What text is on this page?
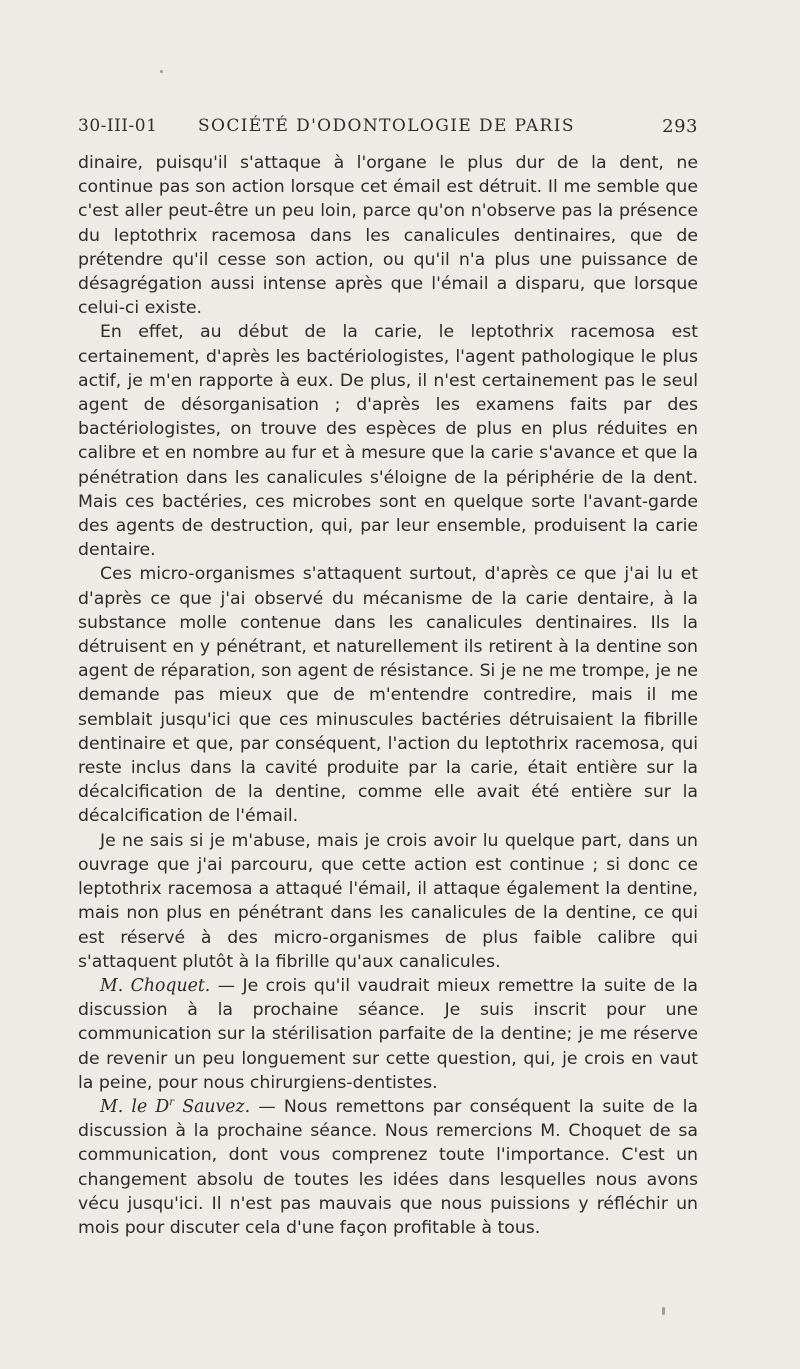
30-III-01 SOCIÉTÉ D'ODONTOLOGIE DE PARIS	293

dinaire, puisqu'il s'attaque à l'organe le plus dur de la dent, ne continue pas son action lorsque cet émail est détruit. Il me semble que c'est aller peut-être un peu loin, parce qu'on n'observe pas la présence du leptothrix racemosa dans les canalicules dentinaires, que de prétendre qu'il cesse son action, ou qu'il n'a plus une puissance de désagrégation aussi intense après que l'émail a disparu, que lorsque celui-ci existe.

En effet, au début de la carie, le leptothrix racemosa est certainement, d'après les bactériologistes, l'agent pathologique le plus actif, je m'en rapporte à eux. De plus, il n'est certainement pas le seul agent de désorganisation ; d'après les examens faits par des bactériologistes, on trouve des espèces de plus en plus réduites en calibre et en nombre au fur et à mesure que la carie s'avance et que la pénétration dans les canalicules s'éloigne de la périphérie de la dent. Mais ces bactéries, ces microbes sont en quelque sorte l'avant-garde des agents de destruction, qui, par leur ensemble, produisent la carie dentaire.

Ces micro-organismes s'attaquent surtout, d'après ce que j'ai lu et d'après ce que j'ai observé du mécanisme de la carie dentaire, à la substance molle contenue dans les canalicules dentinaires. Ils la détruisent en y pénétrant, et naturellement ils retirent à la dentine son agent de réparation, son agent de résistance. Si je ne me trompe, je ne demande pas mieux que de m'entendre contredire, mais il me semblait jusqu'ici que ces minuscules bactéries détruisaient la fibrille dentinaire et que, par conséquent, l'action du leptothrix racemosa, qui reste inclus dans la cavité produite par la carie, était entière sur la décalcification de la dentine, comme elle avait été entière sur la décalcification de l'émail.

Je ne sais si je m'abuse, mais je crois avoir lu quelque part, dans un ouvrage que j'ai parcouru, que cette action est continue ; si donc ce leptothrix racemosa a attaqué l'émail, il attaque également la dentine, mais non plus en pénétrant dans les canalicules de la dentine, ce qui est réservé à des micro-organismes de plus faible calibre qui s'attaquent plutôt à la fibrille qu'aux canalicules.

M. Choquet. — Je crois qu'il vaudrait mieux remettre la suite de la discussion à la prochaine séance. Je suis inscrit pour une communication sur la stérilisation parfaite de la dentine; je me réserve de revenir un peu longuement sur cette question, qui, je crois en vaut la peine, pour nous chirurgiens-dentistes.

M. le $D^r$ Sauvez. — Nous remettons par conséquent la suite de la discussion à la prochaine séance. Nous remercions M. Choquet de sa communication, dont vous comprenez toute l'importance. C'est un changement absolu de toutes les idées dans lesquelles nous avons vécu jusqu'ici. Il n'est pas mauvais que nous puissions y réfléchir un mois pour discuter cela d'une façon profitable à tous.
